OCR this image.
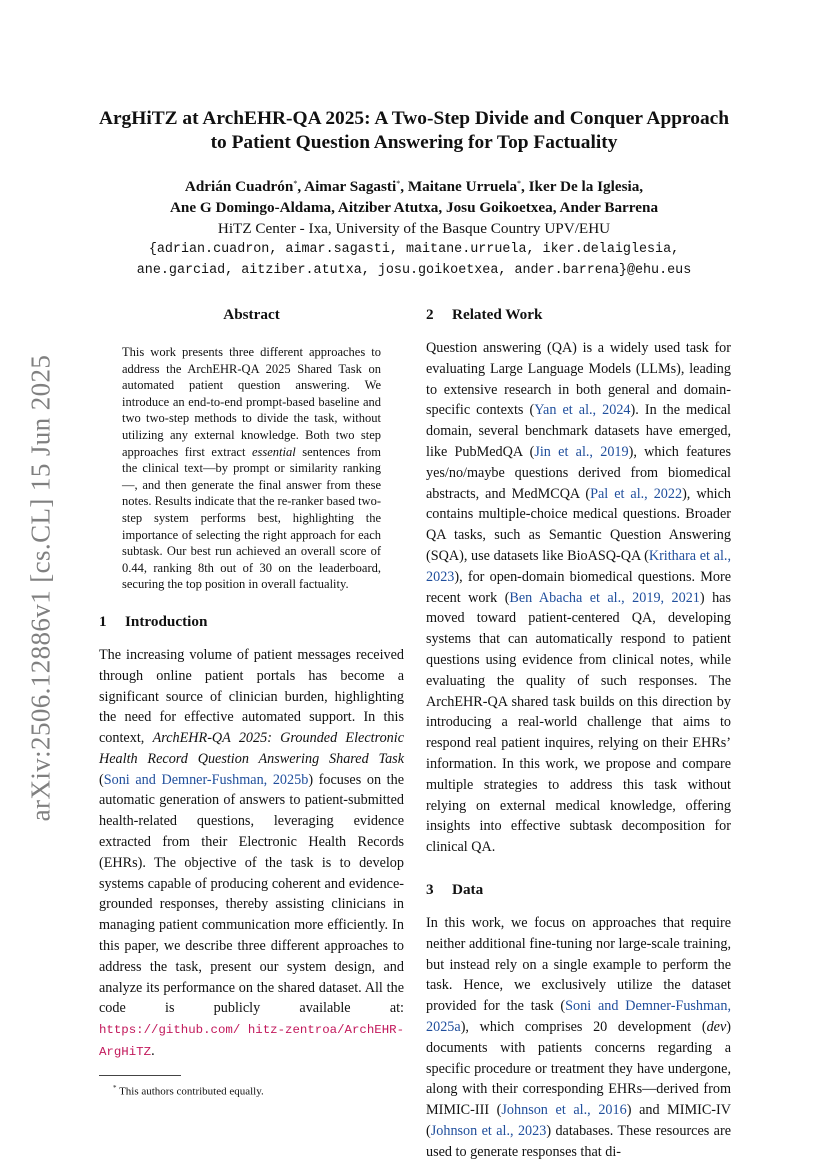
arXiv:2506.12886v1 [cs.CL] 15 Jun 2025
ArgHiTZ at ArchEHR-QA 2025: A Two-Step Divide and Conquer Approach to Patient Question Answering for Top Factuality
Adrián Cuadrón*, Aimar Sagasti*, Maitane Urruela*, Iker De la Iglesia,
Ane G Domingo-Aldama, Aitziber Atutxa, Josu Goikoetxea, Ander Barrena
HiTZ Center - Ixa, University of the Basque Country UPV/EHU
{adrian.cuadron, aimar.sagasti, maitane.urruela, iker.delaiglesia,
ane.garciad, aitziber.atutxa, josu.goikoetxea, ander.barrena}@ehu.eus
Abstract

This work presents three different approaches to address the ArchEHR-QA 2025 Shared Task on automated patient question answering. We introduce an end-to-end prompt-based baseline and two two-step methods to divide the task, without utilizing any external knowledge. Both two step approaches first extract essential sentences from the clinical text—by prompt or similarity ranking—, and then generate the final answer from these notes. Results indicate that the re-ranker based two-step system performs best, highlighting the importance of selecting the right approach for each subtask. Our best run achieved an overall score of 0.44, ranking 8th out of 30 on the leaderboard, securing the top position in overall factuality.

1 Introduction

The increasing volume of patient messages received through online patient portals has become a significant source of clinician burden, highlighting the need for effective automated support. In this context, ArchEHR-QA 2025: Grounded Electronic Health Record Question Answering Shared Task (Soni and Demner-Fushman, 2025b) focuses on the automatic generation of answers to patient-submitted health-related questions, leveraging evidence extracted from their Electronic Health Records (EHRs). The objective of the task is to develop systems capable of producing coherent and evidence-grounded responses, thereby assisting clinicians in managing patient communication more efficiently. In this paper, we describe three different approaches to address the task, present our system design, and analyze its performance on the shared dataset. All the code is publicly available at: https://github.com/ hitz-zentroa/ArchEHR-ArgHiTZ.

* This authors contributed equally.
2 Related Work

Question answering (QA) is a widely used task for evaluating Large Language Models (LLMs), leading to extensive research in both general and domain-specific contexts (Yan et al., 2024). In the medical domain, several benchmark datasets have emerged, like PubMedQA (Jin et al., 2019), which features yes/no/maybe questions derived from biomedical abstracts, and MedMCQA (Pal et al., 2022), which contains multiple-choice medical questions. Broader QA tasks, such as Semantic Question Answering (SQA), use datasets like BioASQ-QA (Krithara et al., 2023), for open-domain biomedical questions. More recent work (Ben Abacha et al., 2019, 2021) has moved toward patient-centered QA, developing systems that can automatically respond to patient questions using evidence from clinical notes, while evaluating the quality of such responses. The ArchEHR-QA shared task builds on this direction by introducing a real-world challenge that aims to respond real patient inquires, relying on their EHRs’ information. In this work, we propose and compare multiple strategies to address this task without relying on external medical knowledge, offering insights into effective subtask decomposition for clinical QA.

3 Data

In this work, we focus on approaches that require neither additional fine-tuning nor large-scale training, but instead rely on a single example to perform the task. Hence, we exclusively utilize the dataset provided for the task (Soni and Demner-Fushman, 2025a), which comprises 20 development (dev) documents with patients concerns regarding a specific procedure or treatment they have undergone, along with their corresponding EHRs—derived from MIMIC-III (Johnson et al., 2016) and MIMIC-IV (Johnson et al., 2023) databases. These resources are used to generate responses that di-
